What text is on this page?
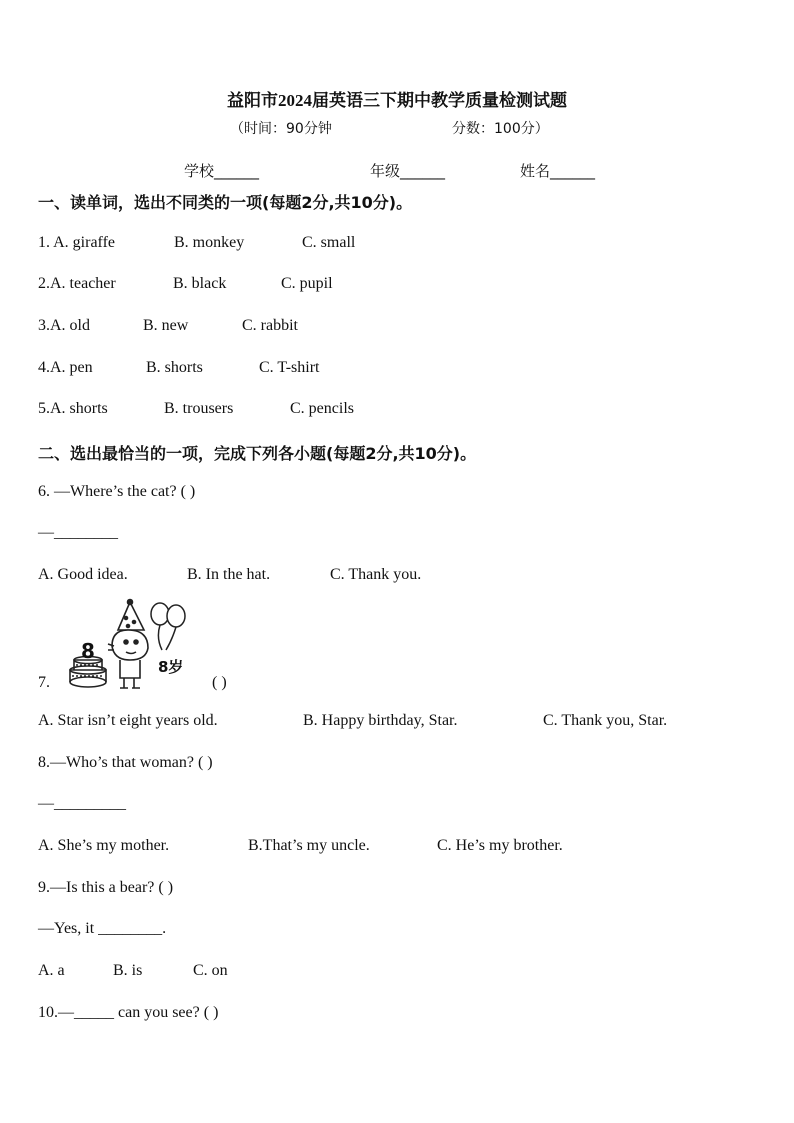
益阳市2024届英语三下期中教学质量检测试题
（时间：90分钟	分数：100分）
学校______	年级______	姓名______
一、读单词，选出不同类的一项(每题2分,共10分)。
1. A. giraffe	B. monkey	C. small
2.A. teacher	B. black	C. pupil
3.A. old	B. new	C. rabbit
4.A. pen	B. shorts	C. T-shirt
5.A. shorts	B. trousers	C. pencils
二、选出最恰当的一项，完成下列各小题(每题2分,共10分)。
6. —Where’s the cat? ( )
—________
A. Good idea.	B. In the hat.	C. Thank you.
7.
8
8岁
( )
A. Star isn’t eight years old.	B. Happy birthday, Star.	C. Thank you, Star.
8.—Who’s that woman? ( )
—_________
A. She’s my mother.	B.That’s my uncle.	C. He’s my brother.
9.—Is this a bear? ( )
—Yes, it ________.
A. a	B. is	C. on
10.—_____ can you see? ( )
